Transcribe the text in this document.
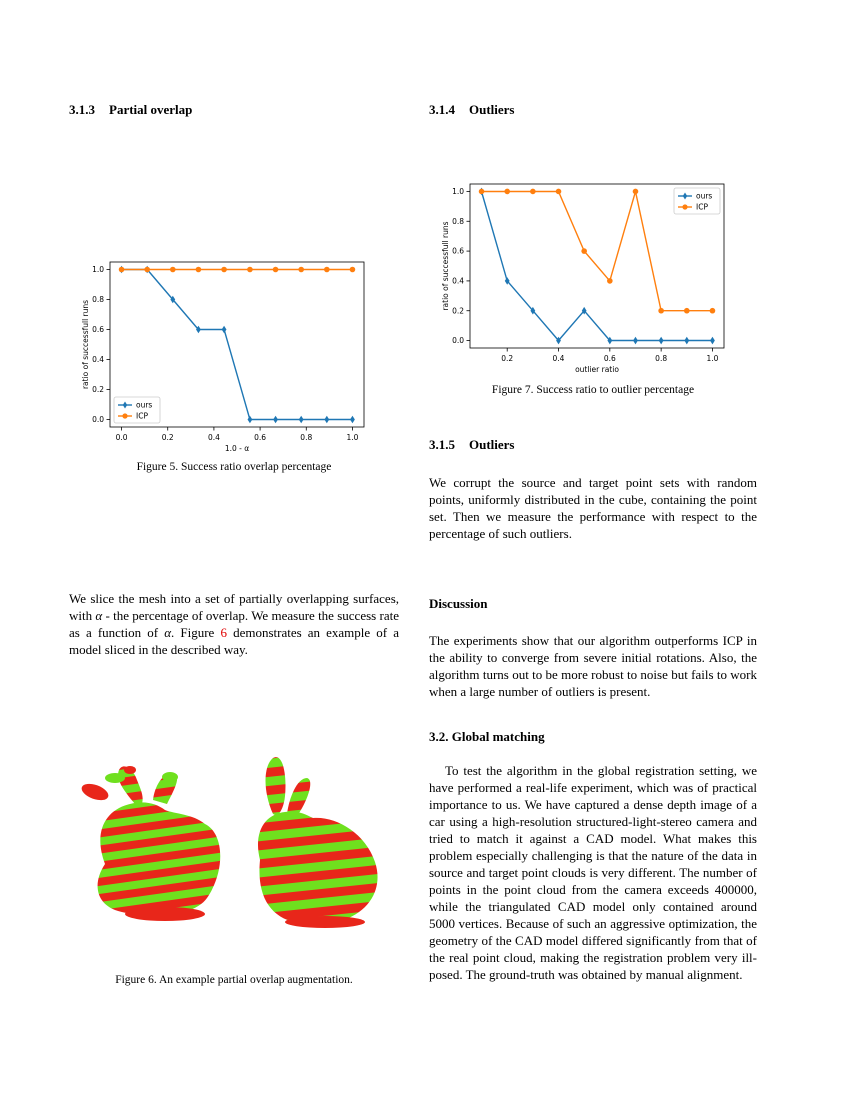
3.1.3 Partial overlap
0.0	0.2	0.4	0.6	0.8	1.0
0.0
0.2
0.4
0.6
0.8
1.0
1.0 - α
ratio of successfull runs
ours
ICP

Figure 5. Success ratio overlap percentage

We slice the mesh into a set of partially overlapping surfaces, with α - the percentage of overlap. We measure the success rate as a function of α. Figure 6 demonstrates an example of a model sliced in the described way.

Figure 6. An example partial overlap augmentation.

3.1.4 Outliers
0.2	0.4	0.6	0.8	1.0
0.0
0.2
0.4
0.6
0.8
1.0
outlier ratio
ratio of successfull runs
ours
ICP

Figure 7. Success ratio to outlier percentage

3.1.5 Outliers

We corrupt the source and target point sets with random points, uniformly distributed in the cube, containing the point set. Then we measure the performance with respect to the percentage of such outliers.

Discussion

The experiments show that our algorithm outperforms ICP in the ability to converge from severe initial rotations. Also, the algorithm turns out to be more robust to noise but fails to work when a large number of outliers is present.

3.2. Global matching

To test the algorithm in the global registration setting, we have performed a real-life experiment, which was of practical importance to us. We have captured a dense depth image of a car using a high-resolution structured-light-stereo camera and tried to match it against a CAD model. What makes this problem especially challenging is that the nature of the data in source and target point clouds is very different. The number of points in the point cloud from the camera exceeds 400000, while the triangulated CAD model only contained around 5000 vertices. Because of such an aggressive optimization, the geometry of the CAD model differed significantly from that of the real point cloud, making the registration problem very ill-posed. The ground-truth was obtained by manual alignment.
